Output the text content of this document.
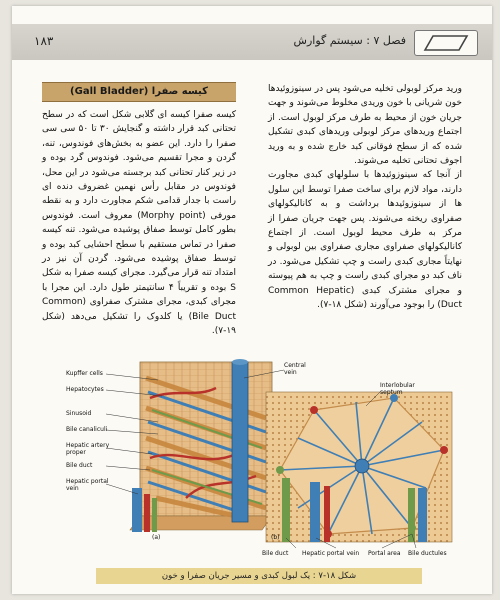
۱۸۳	فصل ۷ : سیستم گوارش

ورید مرکز لوبولی تخلیه می‌شود پس در سینوزوئیدها خون شریانی با خون وریدی مخلوط می‌شوند و جهت جریان خون از محیط به طرف مرکز لوبول است. از اجتماع وریدهای مرکز لوبولی وریدهای کبدی تشکیل شده که از سطح فوقانی کبد خارج شده و به ورید اجوف تحتانی تخلیه می‌شوند.

از آنجا که سینوزوئیدها با سلولهای کبدی مجاورت دارند، مواد لازم برای ساخت صفرا توسط این سلول ها از سینوزوئیدها برداشت و به کانالیکولهای صفراوی ریخته می‌شوند. پس جهت جریان صفرا از مرکز به طرف محیط لوبول است. از اجتماع کانالیکولهای صفراوی مجاری صفراوی بین لوبولی و نهایتاً مجاری کبدی راست و چپ تشکیل می‌شود. در ناف کبد دو مجرای کبدی راست و چپ به هم پیوسته و مجرای مشترک کبدی (Common Hepatic Duct) را بوجود می‌آورند (شکل ۱۸-۷).

کیسه صفرا (Gall Bladder)

کیسه صفرا کیسه ای گلابی شکل است که در سطح تحتانی کبد قرار داشته و گنجایش ۳۰ تا ۵۰ سی سی صفرا را دارد. این عضو به بخش‌های فوندوس، تنه، گردن و مجرا تقسیم می‌شود. فوندوس گرد بوده و در زیر کنار تحتانی کبد برجسته می‌شود در این محل، فوندوس در مقابل رأس نهمین غضروف دنده ای راست با جدار قدامی شکم مجاورت دارد و به نقطه مورفی (Morphy point) معروف است. فوندوس بطور کامل توسط صفاق پوشیده می‌شود. تنه کیسه صفرا در تماس مستقیم با سطح احشایی کبد بوده و توسط صفاق پوشیده می‌شود. گردن آن نیز در امتداد تنه قرار می‌گیرد. مجرای کیسه صفرا به شکل S بوده و تقریباً ۴ سانتیمتر طول دارد. این مجرا با مجرای کبدی، مجرای مشترک صفراوی (Common Bile Duct) یا کلدوک را تشکیل می‌دهد (شکل ۱۹-۷).

Kupffer cells
Hepatocytes
Sinusoid
Bile canaliculi
Hepatic artery
proper
Bile duct
Hepatic portal
vein
Central
vein
Interlobular
septum
(a)	(b)
Bile duct Hepatic portal vein Portal area Bile ductules
شکل ۱۸-۷ : یک لبول کبدی و مسیر جریان صفرا و خون
